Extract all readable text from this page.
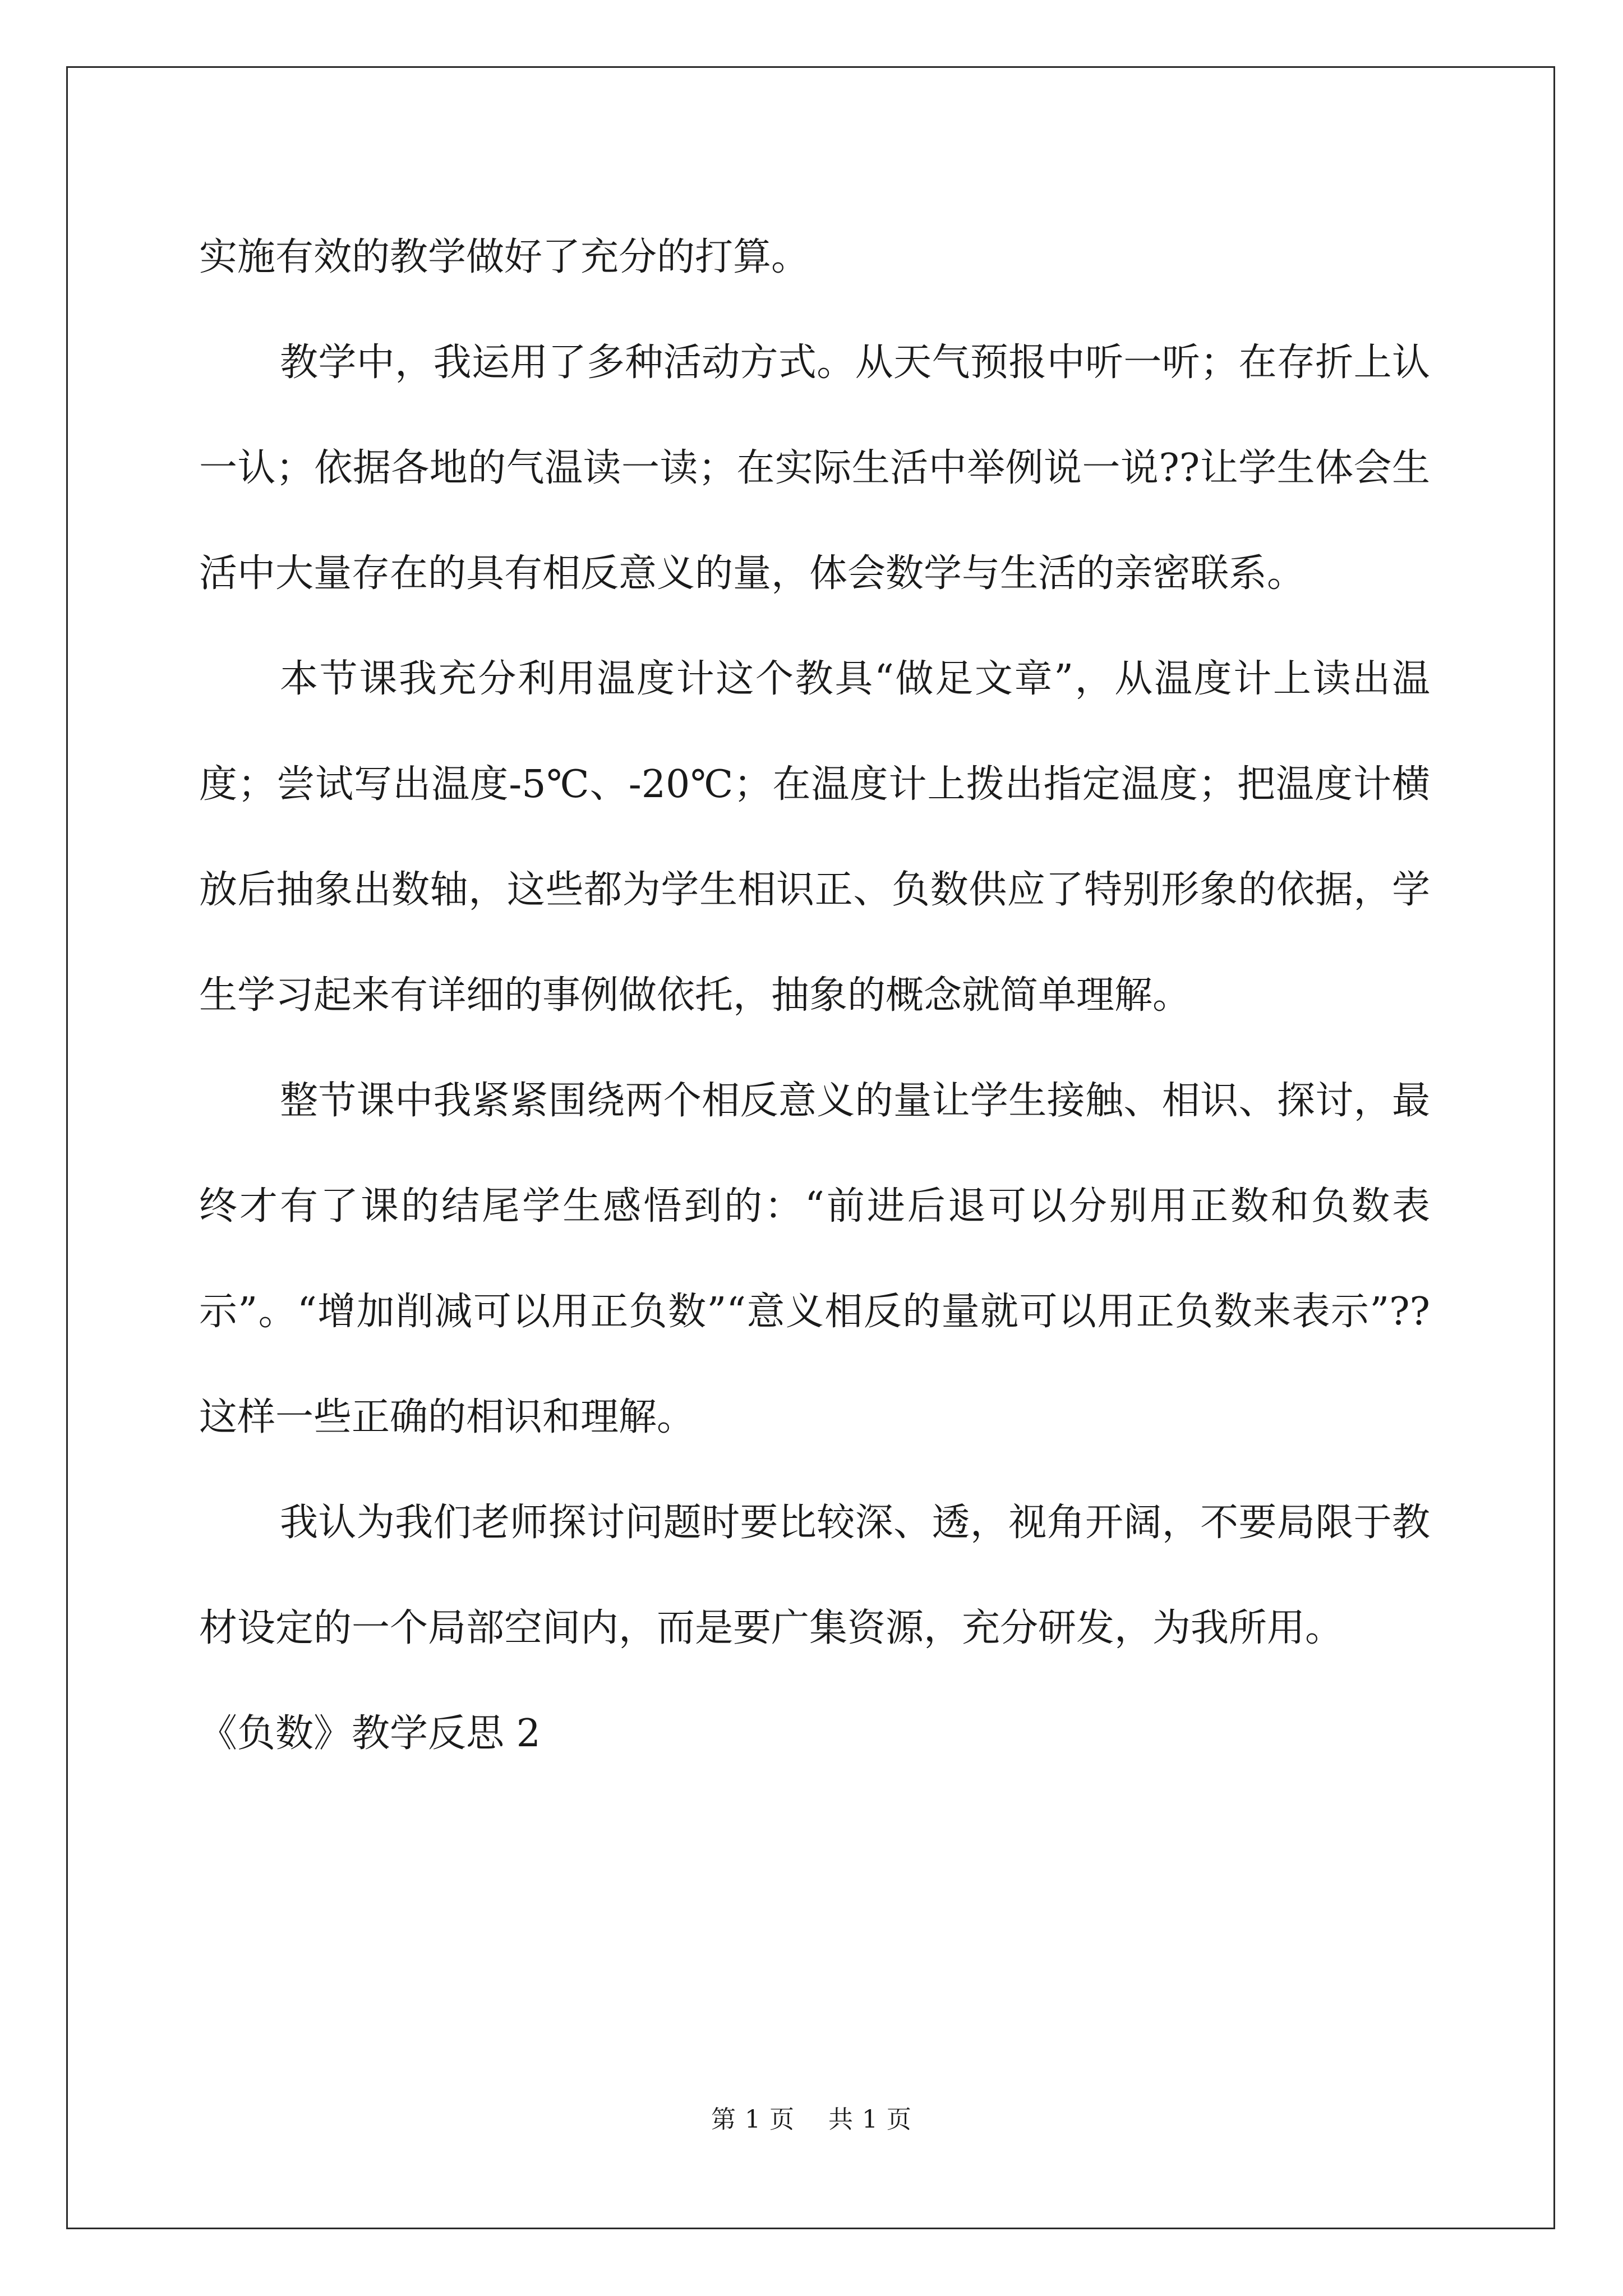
实施有效的教学做好了充分的打算。

教学中，我运用了多种活动方式。从天气预报中听一听；在存折上认一认；依据各地的气温读一读；在实际生活中举例说一说??让学生体会生活中大量存在的具有相反意义的量，体会数学与生活的亲密联系。

本节课我充分利用温度计这个教具“做足文章”，从温度计上读出温度；尝试写出温度-5℃、-20℃；在温度计上拨出指定温度；把温度计横放后抽象出数轴，这些都为学生相识正、负数供应了特别形象的依据，学生学习起来有详细的事例做依托，抽象的概念就简单理解。

整节课中我紧紧围绕两个相反意义的量让学生接触、相识、探讨，最终才有了课的结尾学生感悟到的：“前进后退可以分别用正数和负数表示”。“增加削减可以用正负数”“意义相反的量就可以用正负数来表示”??这样一些正确的相识和理解。

我认为我们老师探讨问题时要比较深、透，视角开阔，不要局限于教材设定的一个局部空间内，而是要广集资源，充分研发，为我所用。

《负数》教学反思 2

第 1 页 共 1 页
